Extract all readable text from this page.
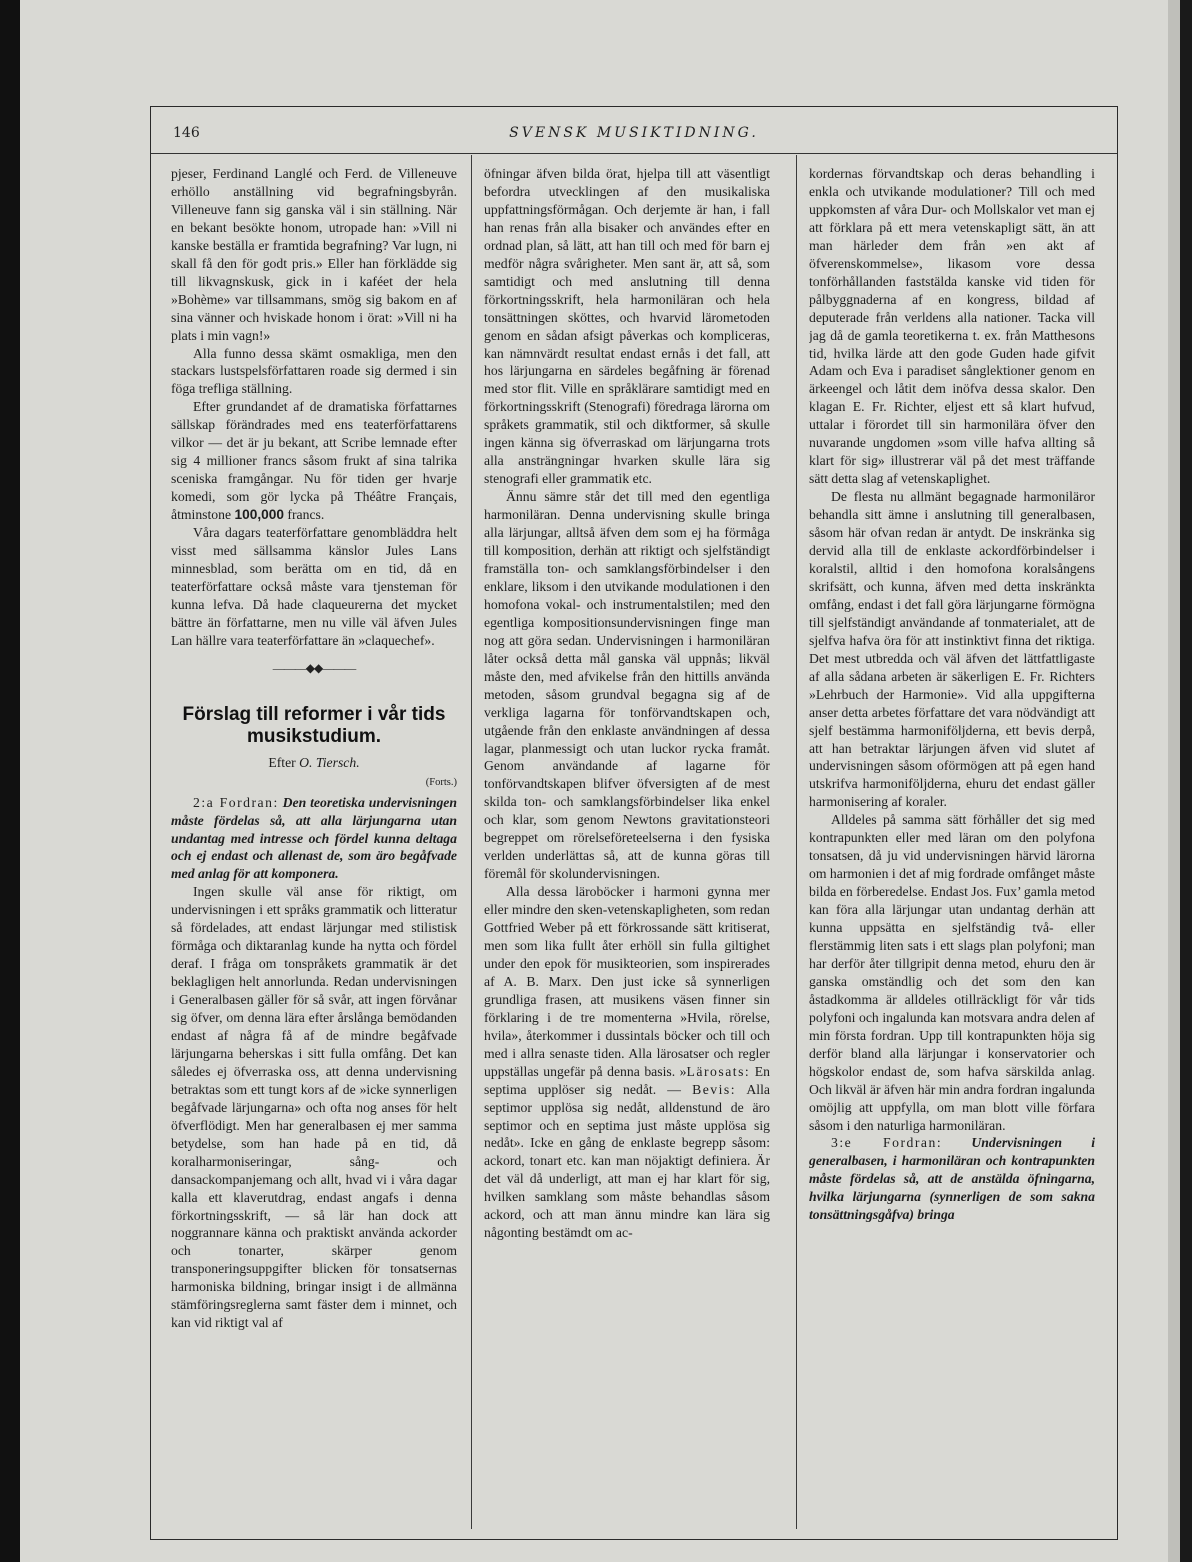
146	SVENSK MUSIKTIDNING.

pjeser, Ferdinand Langlé och Ferd. de Villeneuve erhöllo anställning vid begrafningsbyrån. Villeneuve fann sig ganska väl i sin ställning. När en bekant besökte honom, utropade han: »Vill ni kanske beställa er framtida begrafning? Var lugn, ni skall få den för godt pris.» Eller han förklädde sig till likvagnskusk, gick in i kaféet der hela »Bohème» var tillsammans, smög sig bakom en af sina vänner och hviskade honom i örat: »Vill ni ha plats i min vagn!»

Alla funno dessa skämt osmakliga, men den stackars lustspelsförfattaren roade sig dermed i sin föga trefliga ställning.

Efter grundandet af de dramatiska författarnes sällskap förändrades med ens teaterförfattarens vilkor — det är ju bekant, att Scribe lemnade efter sig 4 millioner francs såsom frukt af sina talrika sceniska framgångar. Nu för tiden ger hvarje komedi, som gör lycka på Théâtre Français, åtminstone 100,000 francs.

Våra dagars teaterförfattare genombläddra helt visst med sällsamma känslor Jules Lans minnesblad, som berätta om en tid, då en teaterförfattare också måste vara tjensteman för kunna lefva. Då hade claqueurerna det mycket bättre än författarne, men nu ville väl äfven Jules Lan hällre vara teaterförfattare än »claquechef».

———◆◆———
Förslag till reformer i vår tids musikstudium.
Efter O. Tiersch.
(Forts.)

2:a Fordran: Den teoretiska undervisningen måste fördelas så, att alla lärjungarna utan undantag med intresse och fördel kunna deltaga och ej endast och allenast de, som äro begåfvade med anlag för att komponera.

Ingen skulle väl anse för riktigt, om undervisningen i ett språks grammatik och litteratur så fördelades, att endast lärjungar med stilistisk förmåga och diktaranlag kunde ha nytta och fördel deraf. I fråga om tonspråkets grammatik är det beklagligen helt annorlunda. Redan undervisningen i Generalbasen gäller för så svår, att ingen förvånar sig öfver, om denna lära efter årslånga bemödanden endast af några få af de mindre begåfvade lärjungarna beherskas i sitt fulla omfång. Det kan således ej öfverraska oss, att denna undervisning betraktas som ett tungt kors af de »icke synnerligen begåfvade lärjungarna» och ofta nog anses för helt öfverflödigt. Men har generalbasen ej mer samma betydelse, som han hade på en tid, då koralharmoniseringar, sång- och dansackompanjemang och allt, hvad vi i våra dagar kalla ett klaverutdrag, endast angafs i denna förkortningsskrift, — så lär han dock att noggrannare känna och praktiskt använda ackorder och tonarter, skärper genom transponeringsuppgifter blicken för tonsatsernas harmoniska bildning, bringar insigt i de allmänna stämföringsreglerna samt fäster dem i minnet, och kan vid riktigt val af

öfningar äfven bilda örat, hjelpa till att väsentligt befordra utvecklingen af den musikaliska uppfattningsförmågan. Och derjemte är han, i fall han renas från alla bisaker och användes efter en ordnad plan, så lätt, att han till och med för barn ej medför några svårigheter. Men sant är, att så, som samtidigt och med anslutning till denna förkortningsskrift, hela harmoniläran och hela tonsättningen sköttes, och hvarvid lärometoden genom en sådan afsigt påverkas och kompliceras, kan nämnvärdt resultat endast ernås i det fall, att hos lärjungarna en särdeles begåfning är förenad med stor flit. Ville en språklärare samtidigt med en förkortningsskrift (Stenografi) föredraga lärorna om språkets grammatik, stil och diktformer, så skulle ingen känna sig öfverraskad om lärjungarna trots alla ansträngningar hvarken skulle lära sig stenografi eller grammatik etc.

Ännu sämre står det till med den egentliga harmoniläran. Denna undervisning skulle bringa alla lärjungar, alltså äfven dem som ej ha förmåga till komposition, derhän att riktigt och sjelfständigt framställa ton- och samklangsförbindelser i den enklare, liksom i den utvikande modulationen i den homofona vokal- och instrumentalstilen; med den egentliga kompositionsundervisningen finge man nog att göra sedan. Undervisningen i harmoniläran låter också detta mål ganska väl uppnås; likväl måste den, med afvikelse från den hittills använda metoden, såsom grundval begagna sig af de verkliga lagarna för tonförvandtskapen och, utgående från den enklaste användningen af dessa lagar, planmessigt och utan luckor rycka framåt. Genom användande af lagarne för tonförvandtskapen blifver öfversigten af de mest skilda ton- och samklangsförbindelser lika enkel och klar, som genom Newtons gravitationsteori begreppet om rörelseföreteelserna i den fysiska verlden underlättas så, att de kunna göras till föremål för skolundervisningen.

Alla dessa läroböcker i harmoni gynna mer eller mindre den sken-vetenskapligheten, som redan Gottfried Weber på ett förkrossande sätt kritiserat, men som lika fullt åter erhöll sin fulla giltighet under den epok för musikteorien, som inspirerades af A. B. Marx. Den just icke så synnerligen grundliga frasen, att musikens väsen finner sin förklaring i de tre momenterna »Hvila, rörelse, hvila», återkommer i dussintals böcker och till och med i allra senaste tiden. Alla lärosatser och regler uppställas ungefär på denna basis. »Lärosats: En septima upplöser sig nedåt. — Bevis: Alla septimor upplösa sig nedåt, alldenstund de äro septimor och en septima just måste upplösa sig nedåt». Icke en gång de enklaste begrepp såsom: ackord, tonart etc. kan man nöjaktigt definiera. Är det väl då underligt, att man ej har klart för sig, hvilken samklang som måste behandlas såsom ackord, och att man ännu mindre kan lära sig någonting bestämdt om ac-

kordernas förvandtskap och deras behandling i enkla och utvikande modulationer? Till och med uppkomsten af våra Dur- och Mollskalor vet man ej att förklara på ett mera vetenskapligt sätt, än att man härleder dem från »en akt af öfverenskommelse», likasom vore dessa tonförhållanden faststälda kanske vid tiden för pålbyggnaderna af en kongress, bildad af deputerade från verldens alla nationer. Tacka vill jag då de gamla teoretikerna t. ex. från Matthesons tid, hvilka lärde att den gode Guden hade gifvit Adam och Eva i paradiset sånglektioner genom en ärkeengel och låtit dem inöfva dessa skalor. Den klagan E. Fr. Richter, eljest ett så klart hufvud, uttalar i förordet till sin harmonilära öfver den nuvarande ungdomen »som ville hafva allting så klart för sig» illustrerar väl på det mest träffande sätt detta slag af vetenskaplighet.

De flesta nu allmänt begagnade harmoniläror behandla sitt ämne i anslutning till generalbasen, såsom här ofvan redan är antydt. De inskränka sig dervid alla till de enklaste ackordförbindelser i koralstil, alltid i den homofona koralsångens skrifsätt, och kunna, äfven med detta inskränkta omfång, endast i det fall göra lärjungarne förmögna till sjelfständigt användande af tonmaterialet, att de sjelfva hafva öra för att instinktivt finna det riktiga. Det mest utbredda och väl äfven det lättfattligaste af alla sådana arbeten är säkerligen E. Fr. Richters »Lehrbuch der Harmonie». Vid alla uppgifterna anser detta arbetes författare det vara nödvändigt att sjelf bestämma harmoniföljderna, ett bevis derpå, att han betraktar lärjungen äfven vid slutet af undervisningen såsom oförmögen att på egen hand utskrifva harmoniföljderna, ehuru det endast gäller harmonisering af koraler.

Alldeles på samma sätt förhåller det sig med kontrapunkten eller med läran om den polyfona tonsatsen, då ju vid undervisningen härvid lärorna om harmonien i det af mig fordrade omfånget måste bilda en förberedelse. Endast Jos. Fux’ gamla metod kan föra alla lärjungar utan undantag derhän att kunna uppsätta en sjelfständig två- eller flerstämmig liten sats i ett slags plan polyfoni; man har derför åter tillgripit denna metod, ehuru den är ganska omständlig och det som den kan åstadkomma är alldeles otillräckligt för vår tids polyfoni och ingalunda kan motsvara andra delen af min första fordran. Upp till kontrapunkten höja sig derför bland alla lärjungar i konservatorier och högskolor endast de, som hafva särskilda anlag. Och likväl är äfven här min andra fordran ingalunda omöjlig att uppfylla, om man blott ville förfara såsom i den naturliga harmoniläran.

3:e Fordran: Undervisningen i generalbasen, i harmoniläran och kontrapunkten måste fördelas så, att de anstälda öfningarna, hvilka lärjungarna (synnerligen de som sakna tonsättningsgåfva) bringa
